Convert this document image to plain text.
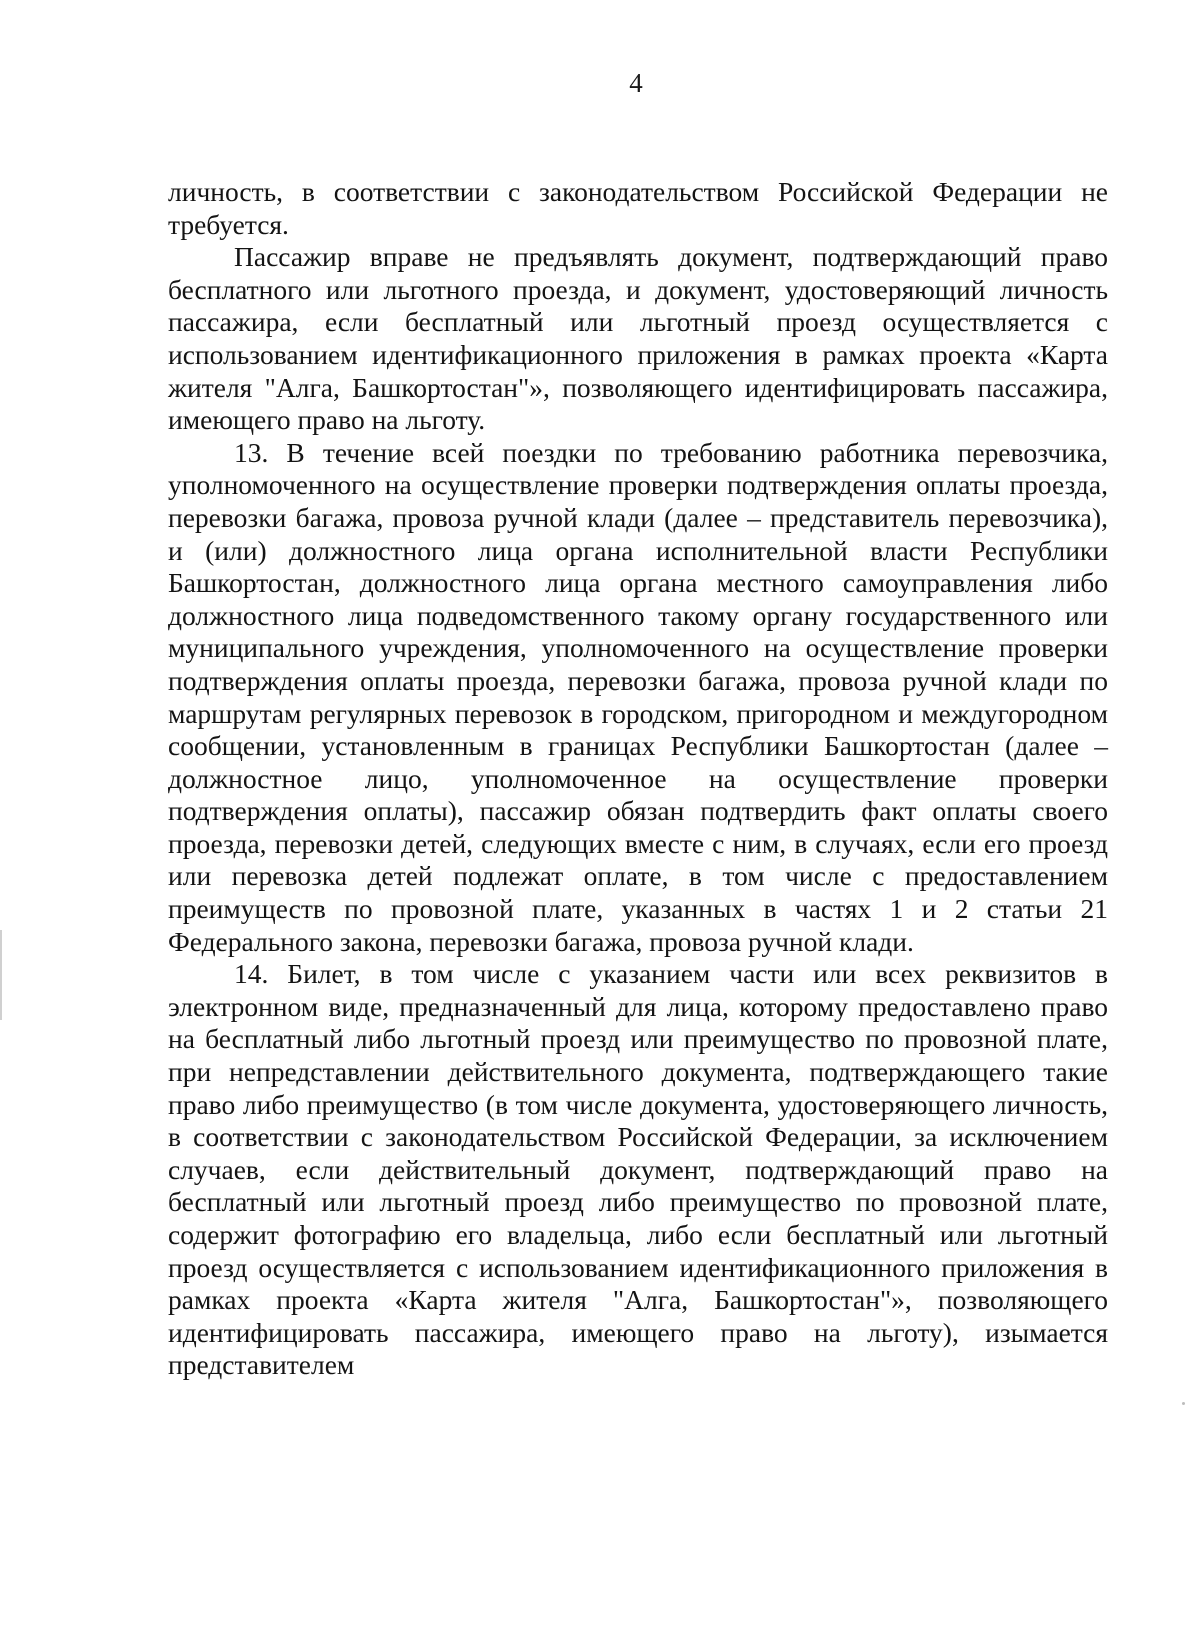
4

личность, в соответствии с законодательством Российской Федерации не требуется.

Пассажир вправе не предъявлять документ, подтверждающий право бесплатного или льготного проезда, и документ, удостоверяющий личность пассажира, если бесплатный или льготный проезд осуществляется с использованием идентификационного приложения в рамках проекта «Карта жителя "Алга, Башкортостан"», позволяющего идентифицировать пассажира, имеющего право на льготу.

13. В течение всей поездки по требованию работника перевозчика, уполномоченного на осуществление проверки подтверждения оплаты проезда, перевозки багажа, провоза ручной клади (далее – представитель перевозчика), и (или) должностного лица органа исполнительной власти Республики Башкортостан, должностного лица органа местного самоуправления либо должностного лица подведомственного такому органу государственного или муниципального учреждения, уполномоченного на осуществление проверки подтверждения оплаты проезда, перевозки багажа, провоза ручной клади по маршрутам регулярных перевозок в городском, пригородном и междугородном сообщении, установленным в границах Республики Башкортостан (далее – должностное лицо, уполномоченное на осуществление проверки подтверждения оплаты), пассажир обязан подтвердить факт оплаты своего проезда, перевозки детей, следующих вместе с ним, в случаях, если его проезд или перевозка детей подлежат оплате, в том числе с предоставлением преимуществ по провозной плате, указанных в частях 1 и 2 статьи 21 Федерального закона, перевозки багажа, провоза ручной клади.

14. Билет, в том числе с указанием части или всех реквизитов в электронном виде, предназначенный для лица, которому предоставлено право на бесплатный либо льготный проезд или преимущество по провозной плате, при непредставлении действительного документа, подтверждающего такие право либо преимущество (в том числе документа, удостоверяющего личность, в соответствии с законодательством Российской Федерации, за исключением случаев, если действительный документ, подтверждающий право на бесплатный или льготный проезд либо преимущество по провозной плате, содержит фотографию его владельца, либо если бесплатный или льготный проезд осуществляется с использованием идентификационного приложения в рамках проекта «Карта жителя "Алга, Башкортостан"», позволяющего идентифицировать пассажира, имеющего право на льготу), изымается представителем
